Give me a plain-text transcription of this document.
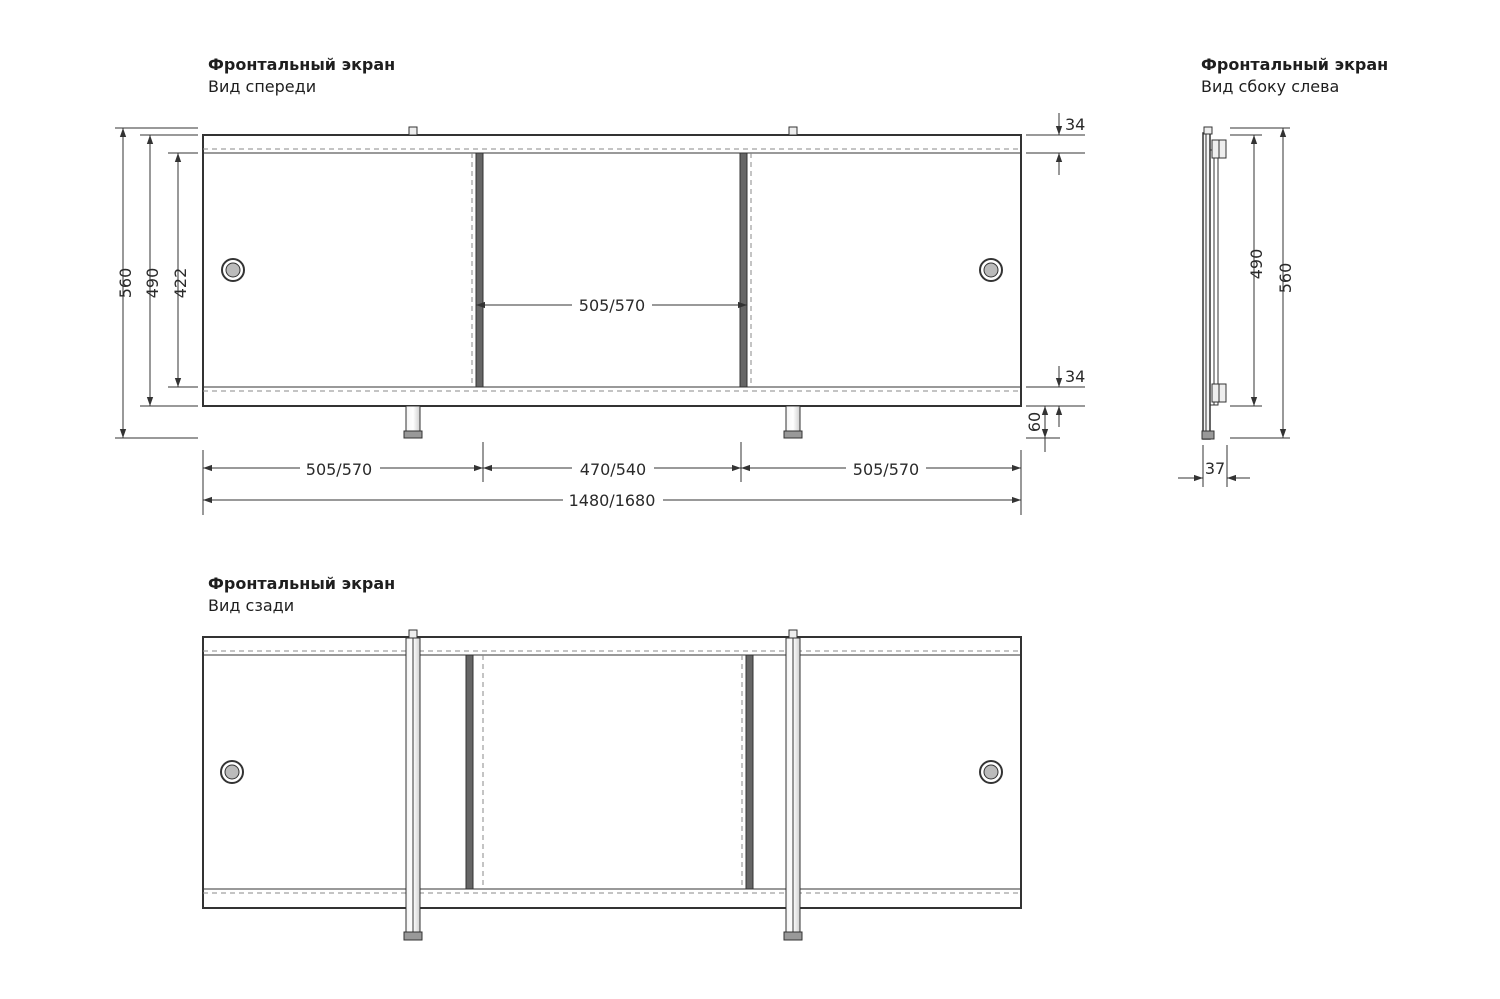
Фронтальный экран
Вид спереди
Фронтальный экран
Вид сбоку слева
Фронтальный экран
Вид сзади
560 490 422
34
34
60
505/570
505/570	470/540	505/570
1480/1680
490 560
37
